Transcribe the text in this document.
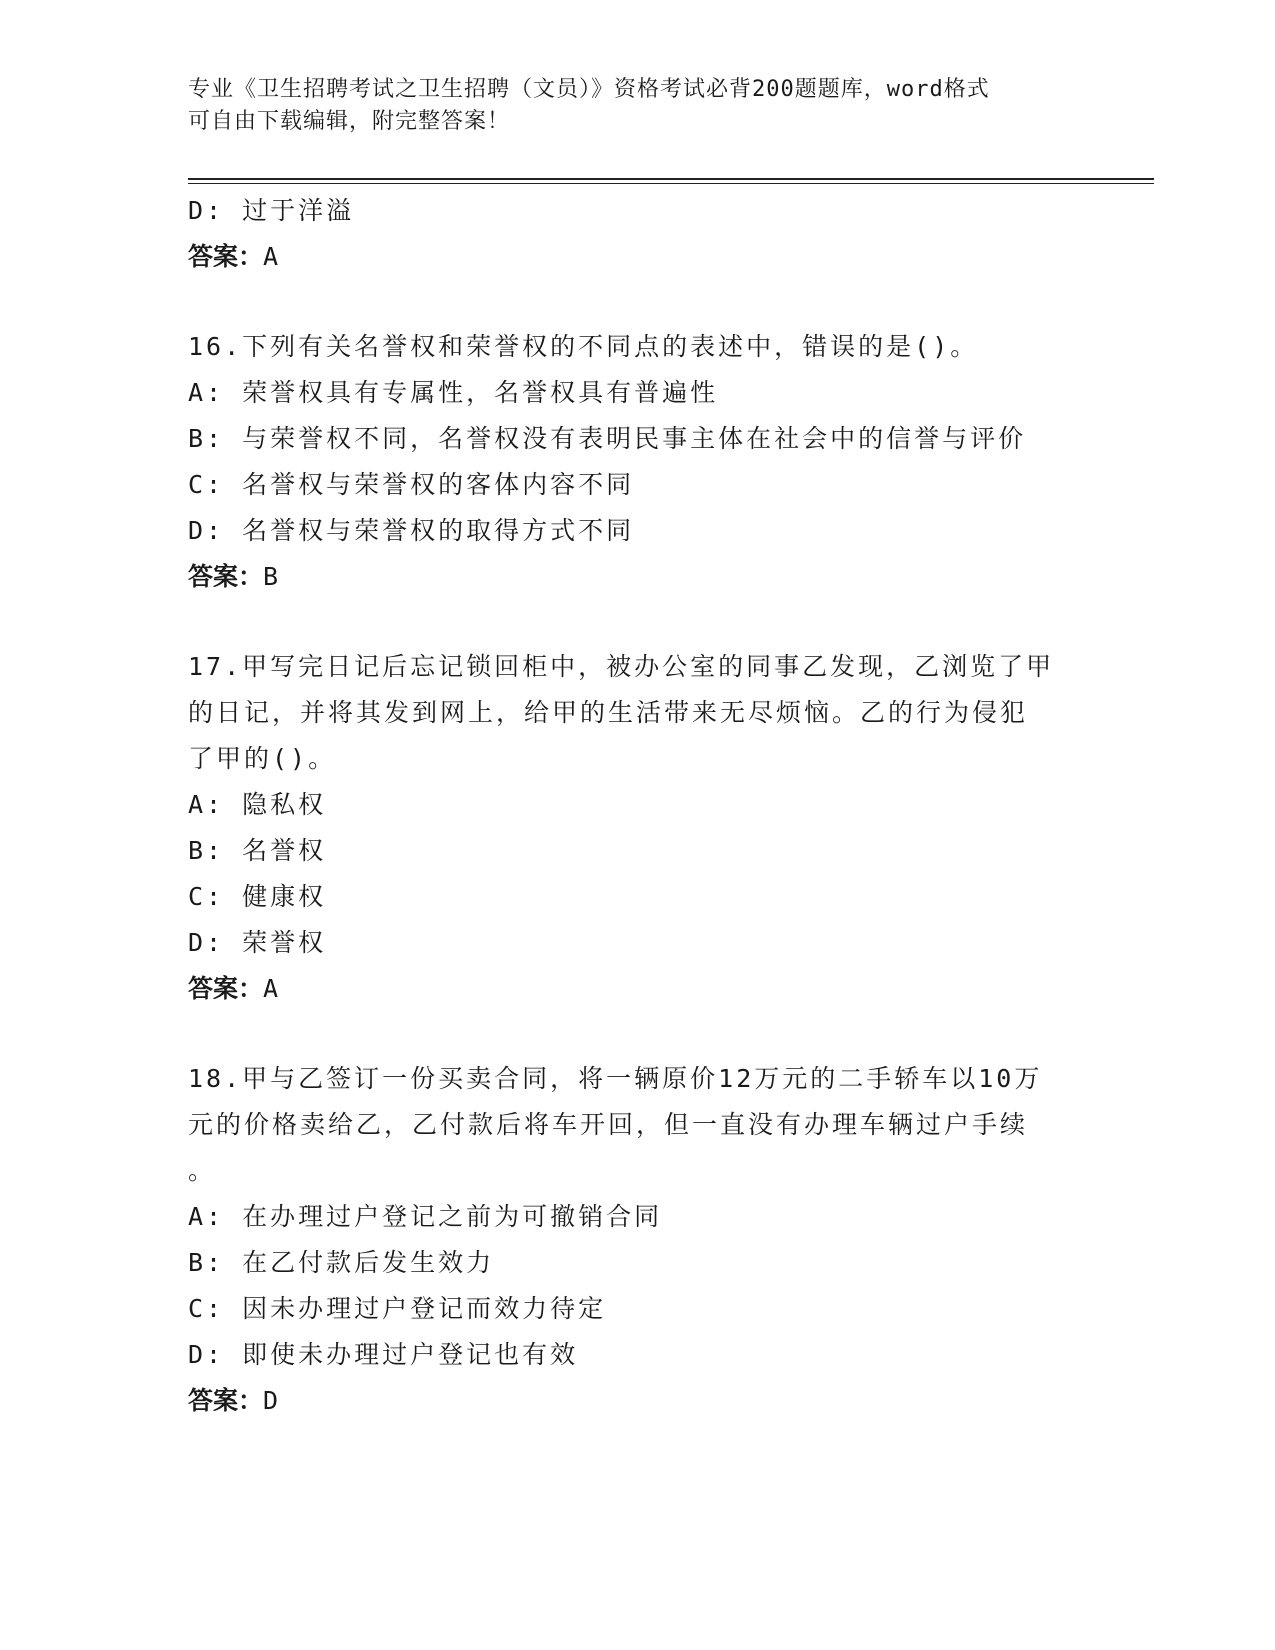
专业《卫生招聘考试之卫生招聘（文员）》资格考试必背200题题库，word格式
可自由下载编辑，附完整答案！
D: 过于洋溢
答案：A
16.下列有关名誉权和荣誉权的不同点的表述中，错误的是()。
A: 荣誉权具有专属性，名誉权具有普遍性
B: 与荣誉权不同，名誉权没有表明民事主体在社会中的信誉与评价
C: 名誉权与荣誉权的客体内容不同
D: 名誉权与荣誉权的取得方式不同
答案：B
17.甲写完日记后忘记锁回柜中，被办公室的同事乙发现，乙浏览了甲
的日记，并将其发到网上，给甲的生活带来无尽烦恼。乙的行为侵犯
了甲的()。
A: 隐私权
B: 名誉权
C: 健康权
D: 荣誉权
答案：A
18.甲与乙签订一份买卖合同，将一辆原价12万元的二手轿车以10万
元的价格卖给乙，乙付款后将车开回，但一直没有办理车辆过户手续
。
A: 在办理过户登记之前为可撤销合同
B: 在乙付款后发生效力
C: 因未办理过户登记而效力待定
D: 即使未办理过户登记也有效
答案：D
